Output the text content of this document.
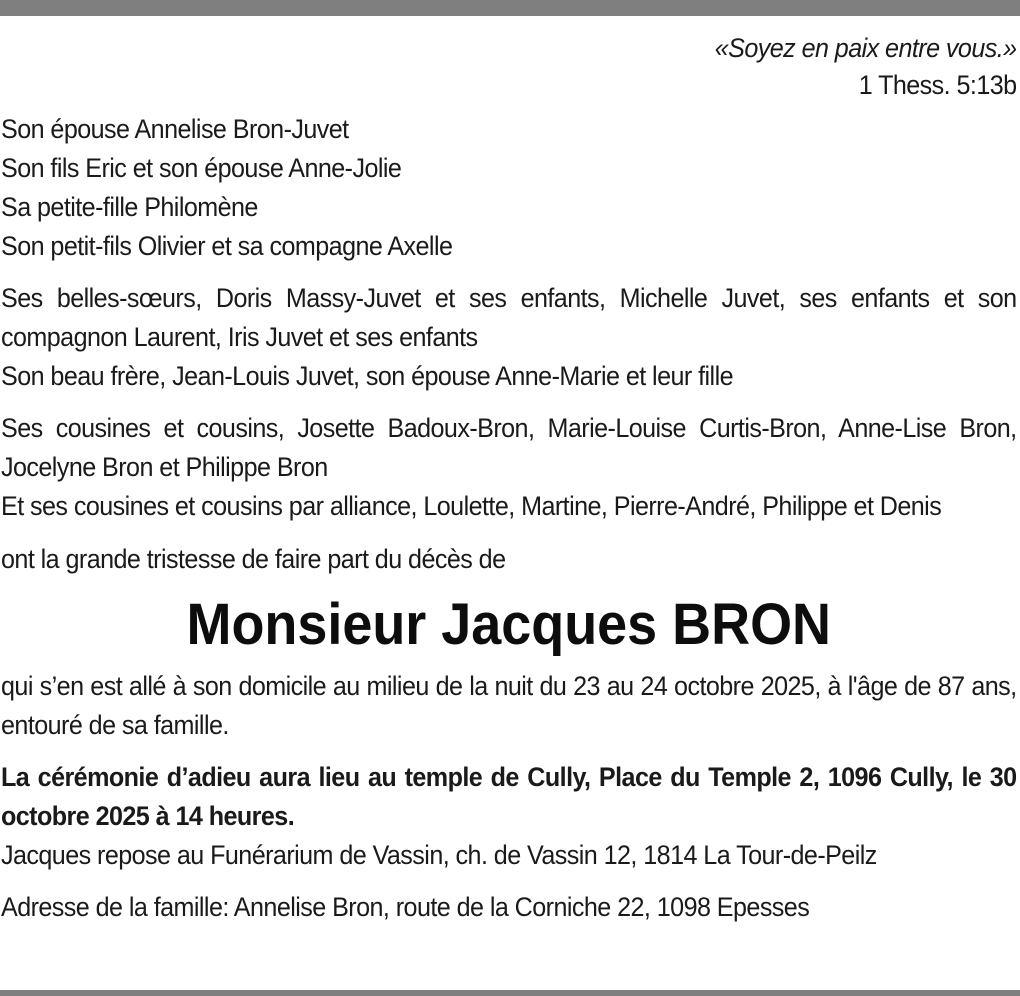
«Soyez en paix entre vous.»
1 Thess. 5:13b

Son épouse Annelise Bron-Juvet
Son fils Eric et son épouse Anne-Jolie
Sa petite-fille Philomène
Son petit-fils Olivier et sa compagne Axelle

Ses belles-sœurs, Doris Massy-Juvet et ses enfants, Michelle Juvet, ses enfants et son compagnon Laurent, Iris Juvet et ses enfants
Son beau frère, Jean-Louis Juvet, son épouse Anne-Marie et leur fille

Ses cousines et cousins, Josette Badoux-Bron, Marie-Louise Curtis-Bron, Anne-Lise Bron, Jocelyne Bron et Philippe Bron
Et ses cousines et cousins par alliance, Loulette, Martine, Pierre-André, Philippe et Denis

ont la grande tristesse de faire part du décès de

Monsieur Jacques BRON

qui s’en est allé à son domicile au milieu de la nuit du 23 au 24 octobre 2025, à l'âge de 87 ans, entouré de sa famille.

La cérémonie d’adieu aura lieu au temple de Cully, Place du Temple 2, 1096 Cully, le 30 octobre 2025 à 14 heures.
Jacques repose au Funérarium de Vassin, ch. de Vassin 12, 1814 La Tour-de-Peilz

Adresse de la famille: Annelise Bron, route de la Corniche 22, 1098 Epesses
